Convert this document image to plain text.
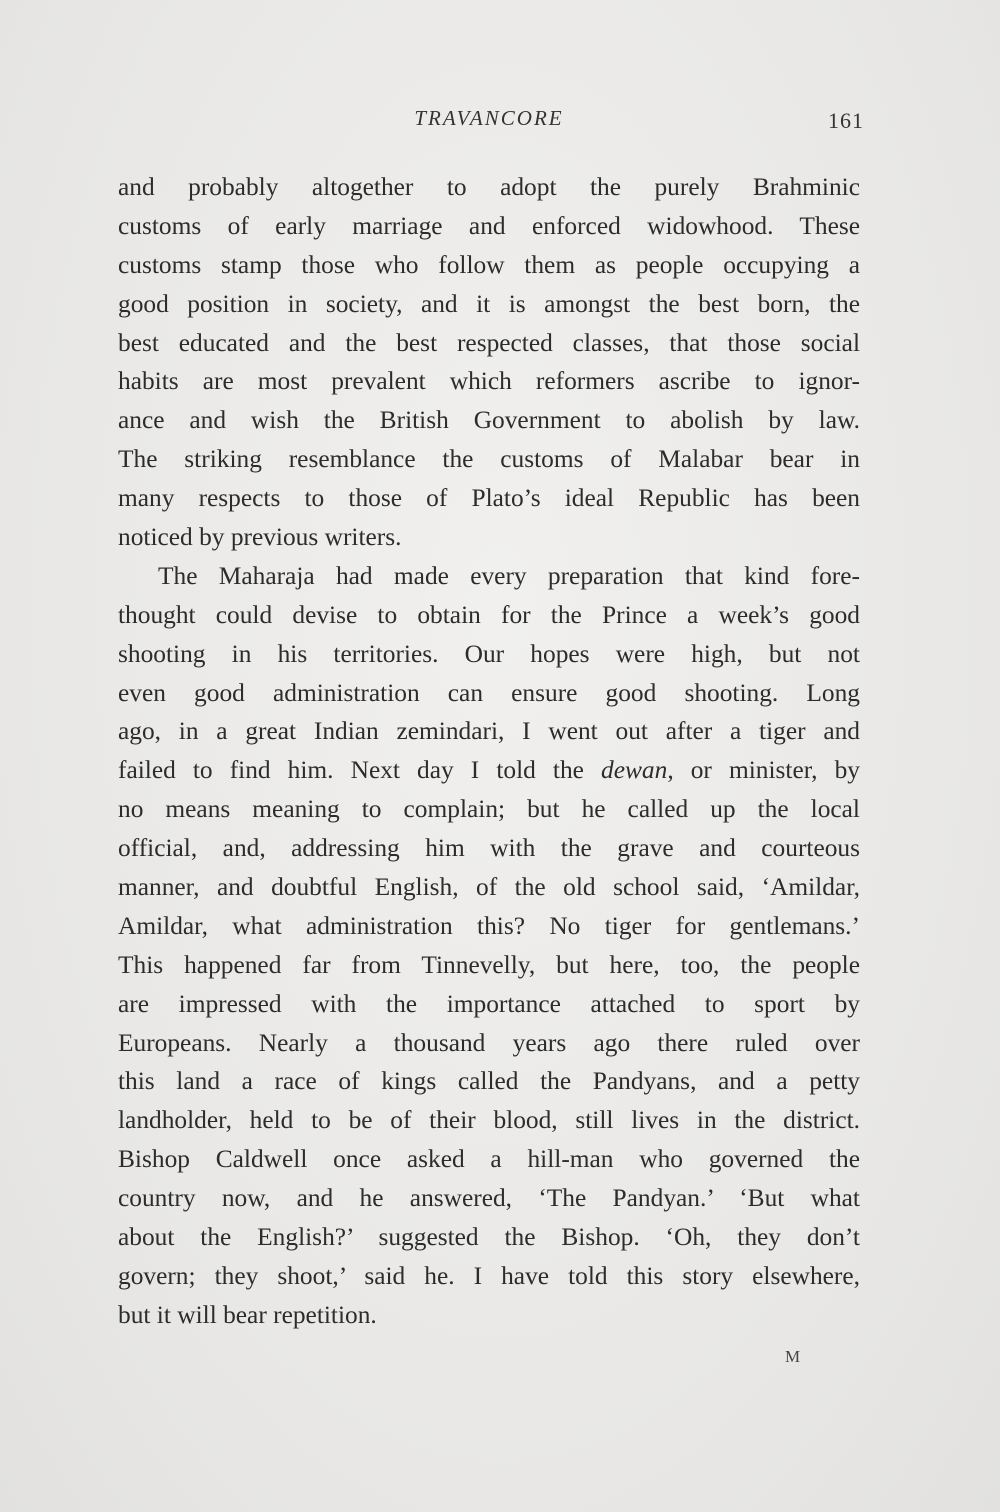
TRAVANCORE	161
and probably altogether to adopt the purely Brahminic
customs of early marriage and enforced widowhood. These
customs stamp those who follow them as people occupying a
good position in society, and it is amongst the best born, the
best educated and the best respected classes, that those social
habits are most prevalent which reformers ascribe to ignor-
ance and wish the British Government to abolish by law.
The striking resemblance the customs of Malabar bear in
many respects to those of Plato’s ideal Republic has been
noticed by previous writers.
The Maharaja had made every preparation that kind fore-
thought could devise to obtain for the Prince a week’s good
shooting in his territories. Our hopes were high, but not
even good administration can ensure good shooting. Long
ago, in a great Indian zemindari, I went out after a tiger and
failed to find him. Next day I told the dewan, or minister, by
no means meaning to complain; but he called up the local
official, and, addressing him with the grave and courteous
manner, and doubtful English, of the old school said, ‘Amildar,
Amildar, what administration this? No tiger for gentlemans.’
This happened far from Tinnevelly, but here, too, the people
are impressed with the importance attached to sport by
Europeans. Nearly a thousand years ago there ruled over
this land a race of kings called the Pandyans, and a petty
landholder, held to be of their blood, still lives in the district.
Bishop Caldwell once asked a hill-man who governed the
country now, and he answered, ‘The Pandyan.’ ‘But what
about the English?’ suggested the Bishop. ‘Oh, they don’t
govern; they shoot,’ said he. I have told this story elsewhere,
but it will bear repetition.
M
